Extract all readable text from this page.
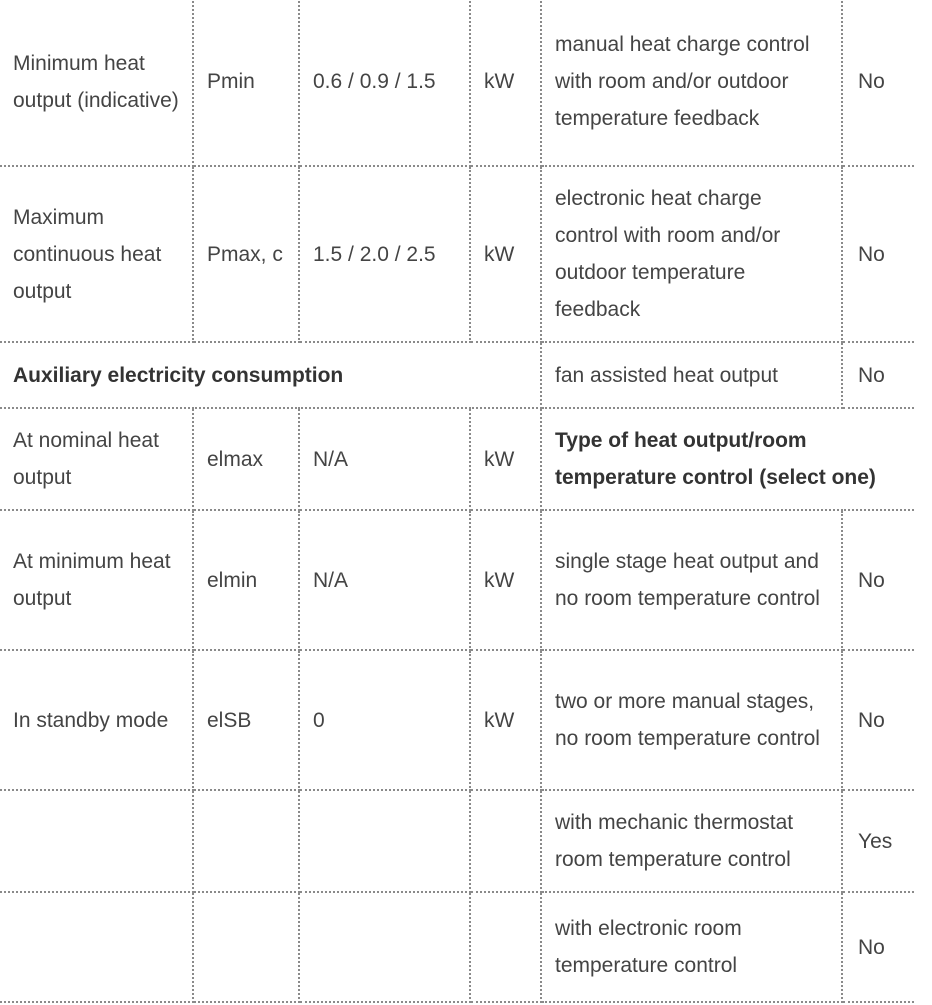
Minimum heat output (indicative)	Pmin	0.6 / 0.9 / 1.5	kW	manual heat charge control with room and/or outdoor temperature feedback	No
Maximum continuous heat output	Pmax, c	1.5 / 2.0 / 2.5	kW	electronic heat charge control with room and/or outdoor temperature feedback	No
Auxiliary electricity consumption				fan assisted heat output	No
At nominal heat output	elmax	N/A	kW	Type of heat output/room temperature control (select one)	
At minimum heat output	elmin	N/A	kW	single stage heat output and no room temperature control	No
In standby mode	elSB	0	kW	two or more manual stages, no room temperature control	No
				with mechanic thermostat room temperature control	Yes
				with electronic room temperature control	No
